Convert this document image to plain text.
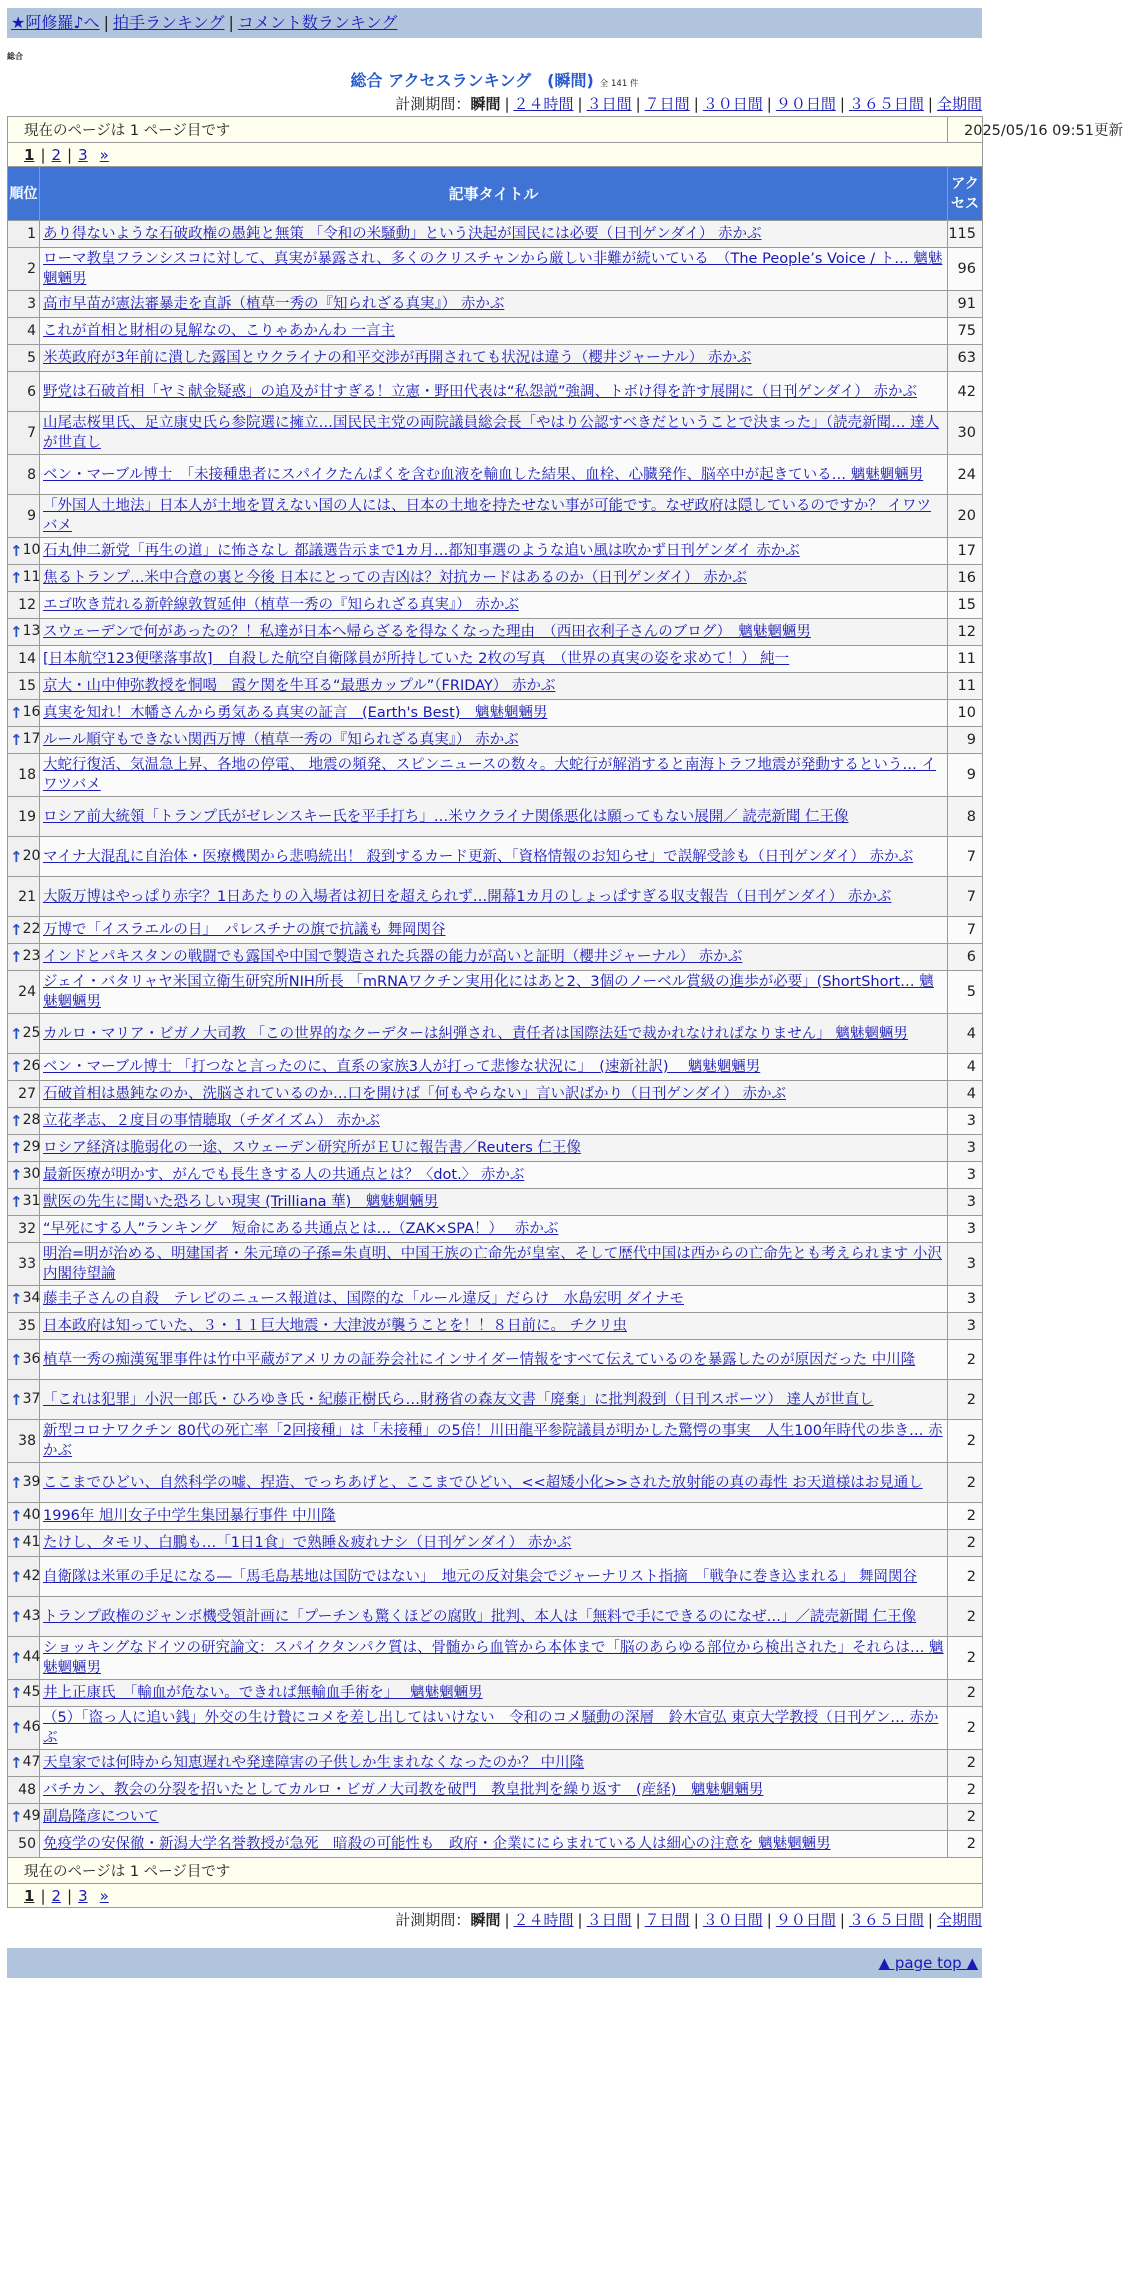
★阿修羅♪へ | 拍手ランキング | コメント数ランキング
総合
総合 アクセスランキング　(瞬間) 全 141 件
計測期間：瞬間 | ２４時間 | ３日間 | ７日間 | ３０日間 | ９０日間 | ３６５日間 | 全期間
現在のページは 1 ページ目です		2025/05/16 09:51更新
1 | 2 | 3 »		
順位	記事タイトル	アクセス
1	あり得ないような石破政権の愚鈍と無策 「令和の米騒動」という決起が国民には必要（日刊ゲンダイ） 赤かぶ	115
2	ローマ教皇フランシスコに対して、真実が暴露され、多くのクリスチャンから厳しい非難が続いている　（The People’s Voice / ト… 魑魅魍魎男	96
3	高市早苗が憲法審暴走を直訴（植草一秀の『知られざる真実』） 赤かぶ	91
4	これが首相と財相の見解なの、こりゃあかんわ 一言主	75
5	米英政府が3年前に潰した露国とウクライナの和平交渉が再開されても状況は違う（櫻井ジャーナル） 赤かぶ	63
6	野党は石破首相「ヤミ献金疑惑」の追及が甘すぎる！立憲・野田代表は“私怨説”強調、トボけ得を許す展開に（日刊ゲンダイ） 赤かぶ	42
7	山尾志桜里氏、足立康史氏ら参院選に擁立…国民民主党の両院議員総会長「やはり公認すべきだということで決まった」（読売新聞… 達人が世直し	30
8	ベン・マーブル博士　「未接種患者にスパイクたんぱくを含む血液を輸血した結果、血栓、心臓発作、脳卒中が起きている… 魑魅魍魎男	24
9	「外国人土地法」日本人が土地を買えない国の人には、日本の土地を持たせない事が可能です。なぜ政府は隠しているのですか？ イワツバメ	20

↑ 10	石丸伸二新党「再生の道」に怖さなし 都議選告示まで1カ月…都知事選のような追い風は吹かず日刊ゲンダイ 赤かぶ	17

↑ 11	焦るトランプ…米中合意の裏と今後 日本にとっての吉凶は？対抗カードはあるのか（日刊ゲンダイ） 赤かぶ	16
12	エゴ吹き荒れる新幹線敦賀延伸（植草一秀の『知られざる真実』） 赤かぶ	15

↑ 13	スウェーデンで何があったの？！私達が日本へ帰らざるを得なくなった理由　（西田衣利子さんのブログ）　魑魅魍魎男	12
14	[日本航空123便墜落事故]　自殺した航空自衛隊員が所持していた 2枚の写真　（世界の真実の姿を求めて！） 純一	11
15	京大・山中伸弥教授を恫喝　霞ケ関を牛耳る“最悪カップル”（FRIDAY） 赤かぶ	11

↑ 16	真実を知れ！木幡さんから勇気ある真実の証言　(Earth's Best)　魑魅魍魎男	10

↑ 17	ルール順守もできない関西万博（植草一秀の『知られざる真実』） 赤かぶ	9
18	大蛇行復活、気温急上昇、各地の停電、 地震の頻発、スピンニュースの数々。大蛇行が解消すると南海トラフ地震が発動するという… イワツバメ	9
19	ロシア前大統領「トランプ氏がゼレンスキー氏を平手打ち」…米ウクライナ関係悪化は願ってもない展開／ 読売新聞 仁王像	8

↑ 20	マイナ大混乱に自治体・医療機関から悲鳴続出！ 殺到するカード更新、「資格情報のお知らせ」で誤解受診も（日刊ゲンダイ） 赤かぶ	7
21	大阪万博はやっぱり赤字？1日あたりの入場者は初日を超えられず…開幕1カ月のしょっぱすぎる収支報告（日刊ゲンダイ） 赤かぶ	7

↑ 22	万博で「イスラエルの日」　パレスチナの旗で抗議も 舞岡関谷	7

↑ 23	インドとパキスタンの戦闘でも露国や中国で製造された兵器の能力が高いと証明（櫻井ジャーナル） 赤かぶ	6
24	ジェイ・バタリャヤ米国立衛生研究所NIH所長 「mRNAワクチン実用化にはあと2、3個のノーベル賞級の進歩が必要」(ShortShort… 魑魅魍魎男	5

↑ 25	カルロ・マリア・ビガノ大司教 「この世界的なクーデターは糾弾され、責任者は国際法廷で裁かれなければなりません」 魑魅魍魎男	4

↑ 26	ベン・マーブル博士 「打つなと言ったのに、直系の家族3人が打って悲惨な状況に」　(速新社訳)　 魑魅魍魎男	4
27	石破首相は愚鈍なのか、洗脳されているのか…口を開けば「何もやらない」言い訳ばかり（日刊ゲンダイ） 赤かぶ	4

↑ 28	立花孝志、２度目の事情聴取（チダイズム） 赤かぶ	3

↑ 29	ロシア経済は脆弱化の一途、スウェーデン研究所がＥＵに報告書／Reuters 仁王像	3

↑ 30	最新医療が明かす、がんでも長生きする人の共通点とは？〈dot.〉 赤かぶ	3

↑ 31	獣医の先生に聞いた恐ろしい現実 (Trilliana 華)　魑魅魍魎男	3
32	“早死にする人”ランキング　短命にある共通点とは…（ZAK×SPA！）　 赤かぶ	3
33	明治=明が治める、明建国者・朱元璋の子孫=朱貞明、中国王族の亡命先が皇室、そして歴代中国は西からの亡命先とも考えられます 小沢内閣待望論	3

↑ 34	藤圭子さんの自殺　テレビのニュース報道は、国際的な「ルール違反」だらけ　水島宏明 ダイナモ	3
35	日本政府は知っていた、３・１１巨大地震・大津波が襲うことを！！８日前に。 チクリ虫	3

↑ 36	植草一秀の痴漢冤罪事件は竹中平蔵がアメリカの証券会社にインサイダー情報をすべて伝えているのを暴露したのが原因だった 中川隆	2

↑ 37	「これは犯罪」小沢一郎氏・ひろゆき氏・紀藤正樹氏ら…財務省の森友文書「廃棄」に批判殺到（日刊スポーツ） 達人が世直し	2
38	新型コロナワクチン 80代の死亡率「2回接種」は「未接種」の5倍！川田龍平参院議員が明かした驚愕の事実　人生100年時代の歩き… 赤かぶ	2

↑ 39	ここまでひどい、自然科学の嘘、捏造、でっちあげと、ここまでひどい、<<超矮小化>>された放射能の真の毒性 お天道様はお見通し	2

↑ 40	1996年 旭川女子中学生集団暴行事件 中川隆	2

↑ 41	たけし、タモリ、白鵬も…「1日1食」で熟睡＆疲れナシ（日刊ゲンダイ） 赤かぶ	2

↑ 42	自衛隊は米軍の手足になる―「馬毛島基地は国防ではない」　地元の反対集会でジャーナリスト指摘　「戦争に巻き込まれる」 舞岡関谷	2

↑ 43	トランプ政権のジャンボ機受領計画に「プーチンも驚くほどの腐敗」批判、本人は「無料で手にできるのになぜ…」／読売新聞 仁王像	2

↑ 44	ショッキングなドイツの研究論文：スパイクタンパク質は、骨髄から血管から本体まで「脳のあらゆる部位から検出された」それらは… 魑魅魍魎男	2

↑ 45	井上正康氏　「輸血が危ない。できれば無輸血手術を」　 魑魅魍魎男	2

↑ 46	（5）「盗っ人に追い銭」外交の生け贄にコメを差し出してはいけない　令和のコメ騒動の深層　鈴木宣弘 東京大学教授（日刊ゲン… 赤かぶ	2

↑ 47	天皇家では何時から知恵遅れや発達障害の子供しか生まれなくなったのか？ 中川隆	2
48	バチカン、教会の分裂を招いたとしてカルロ・ビガノ大司教を破門　教皇批判を繰り返す　(産経)　魑魅魍魎男	2

↑ 49	副島隆彦について	2
50	免疫学の安保徹・新潟大学名誉教授が急死　暗殺の可能性も　政府・企業ににらまれている人は細心の注意を 魑魅魍魎男	2
現在のページは 1 ページ目です		
1 | 2 | 3 »		
計測期間：瞬間 | ２４時間 | ３日間 | ７日間 | ３０日間 | ９０日間 | ３６５日間 | 全期間
▲ page top ▲
